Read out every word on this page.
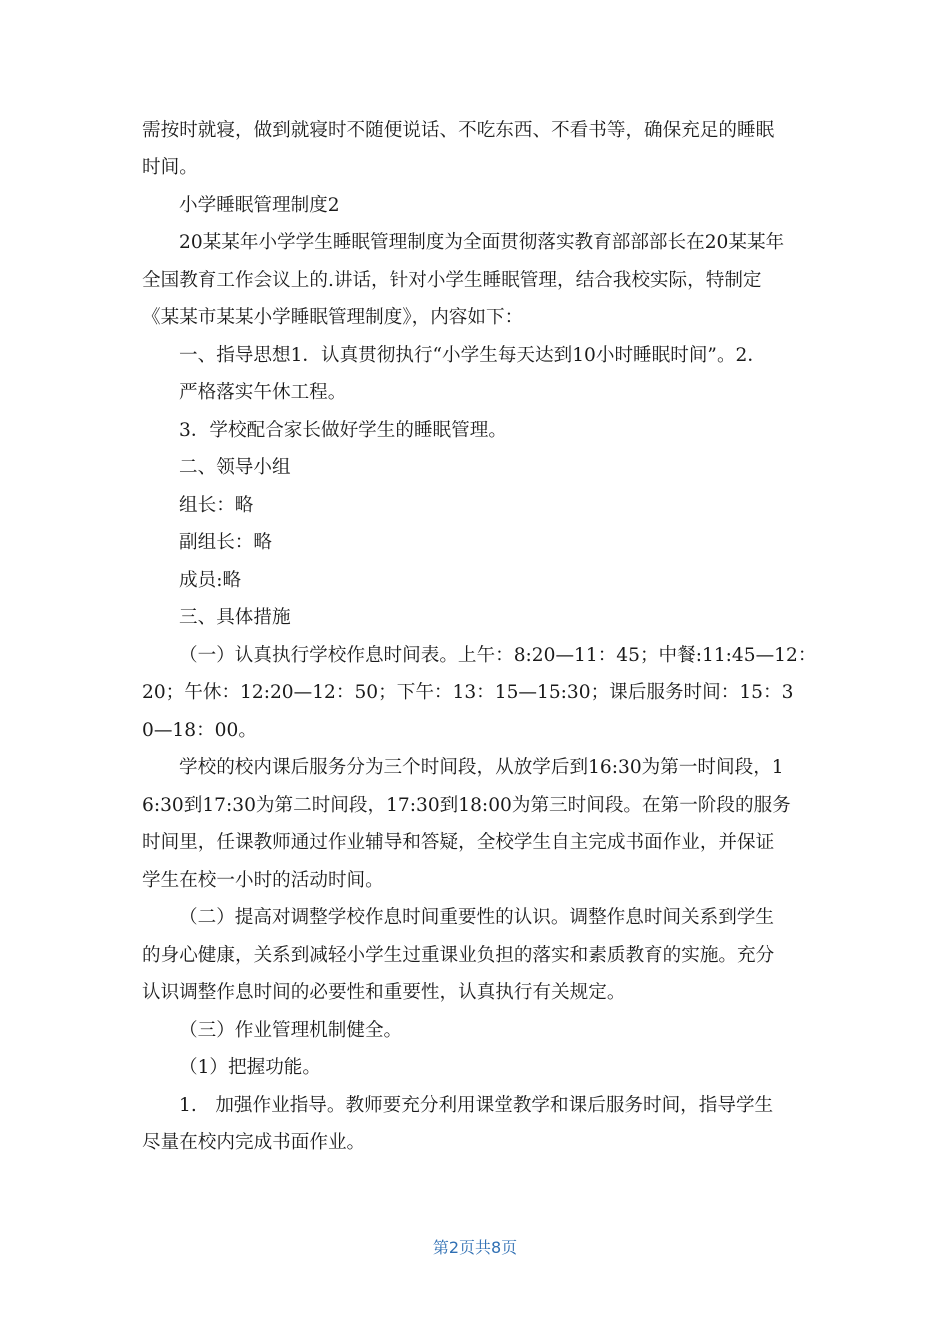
需按时就寝，做到就寝时不随便说话、不吃东西、不看书等，确保充足的睡眠
时间。
小学睡眠管理制度2
20某某年小学学生睡眠管理制度为全面贯彻落实教育部部部长在20某某年
全国教育工作会议上的.讲话，针对小学生睡眠管理，结合我校实际，特制定
《某某市某某小学睡眠管理制度》，内容如下：
一、指导思想1．认真贯彻执行“小学生每天达到10小时睡眠时间”。2．
严格落实午休工程。
3．学校配合家长做好学生的睡眠管理。
二、领导小组
组长：略
副组长：略
成员:略
三、具体措施
（一）认真执行学校作息时间表。上午：8:20—11：45；中餐:11:45—12：
20；午休：12:20—12：50；下午：13：15—15:30；课后服务时间：15：3
0—18：00。
学校的校内课后服务分为三个时间段，从放学后到16:30为第一时间段，1
6:30到17:30为第二时间段，17:30到18:00为第三时间段。在第一阶段的服务
时间里，任课教师通过作业辅导和答疑，全校学生自主完成书面作业，并保证
学生在校一小时的活动时间。
（二）提高对调整学校作息时间重要性的认识。调整作息时间关系到学生
的身心健康，关系到减轻小学生过重课业负担的落实和素质教育的实施。充分
认识调整作息时间的必要性和重要性，认真执行有关规定。
（三）作业管理机制健全。
（1）把握功能。
1.　加强作业指导。教师要充分利用课堂教学和课后服务时间，指导学生
尽量在校内完成书面作业。
第2页共8页
